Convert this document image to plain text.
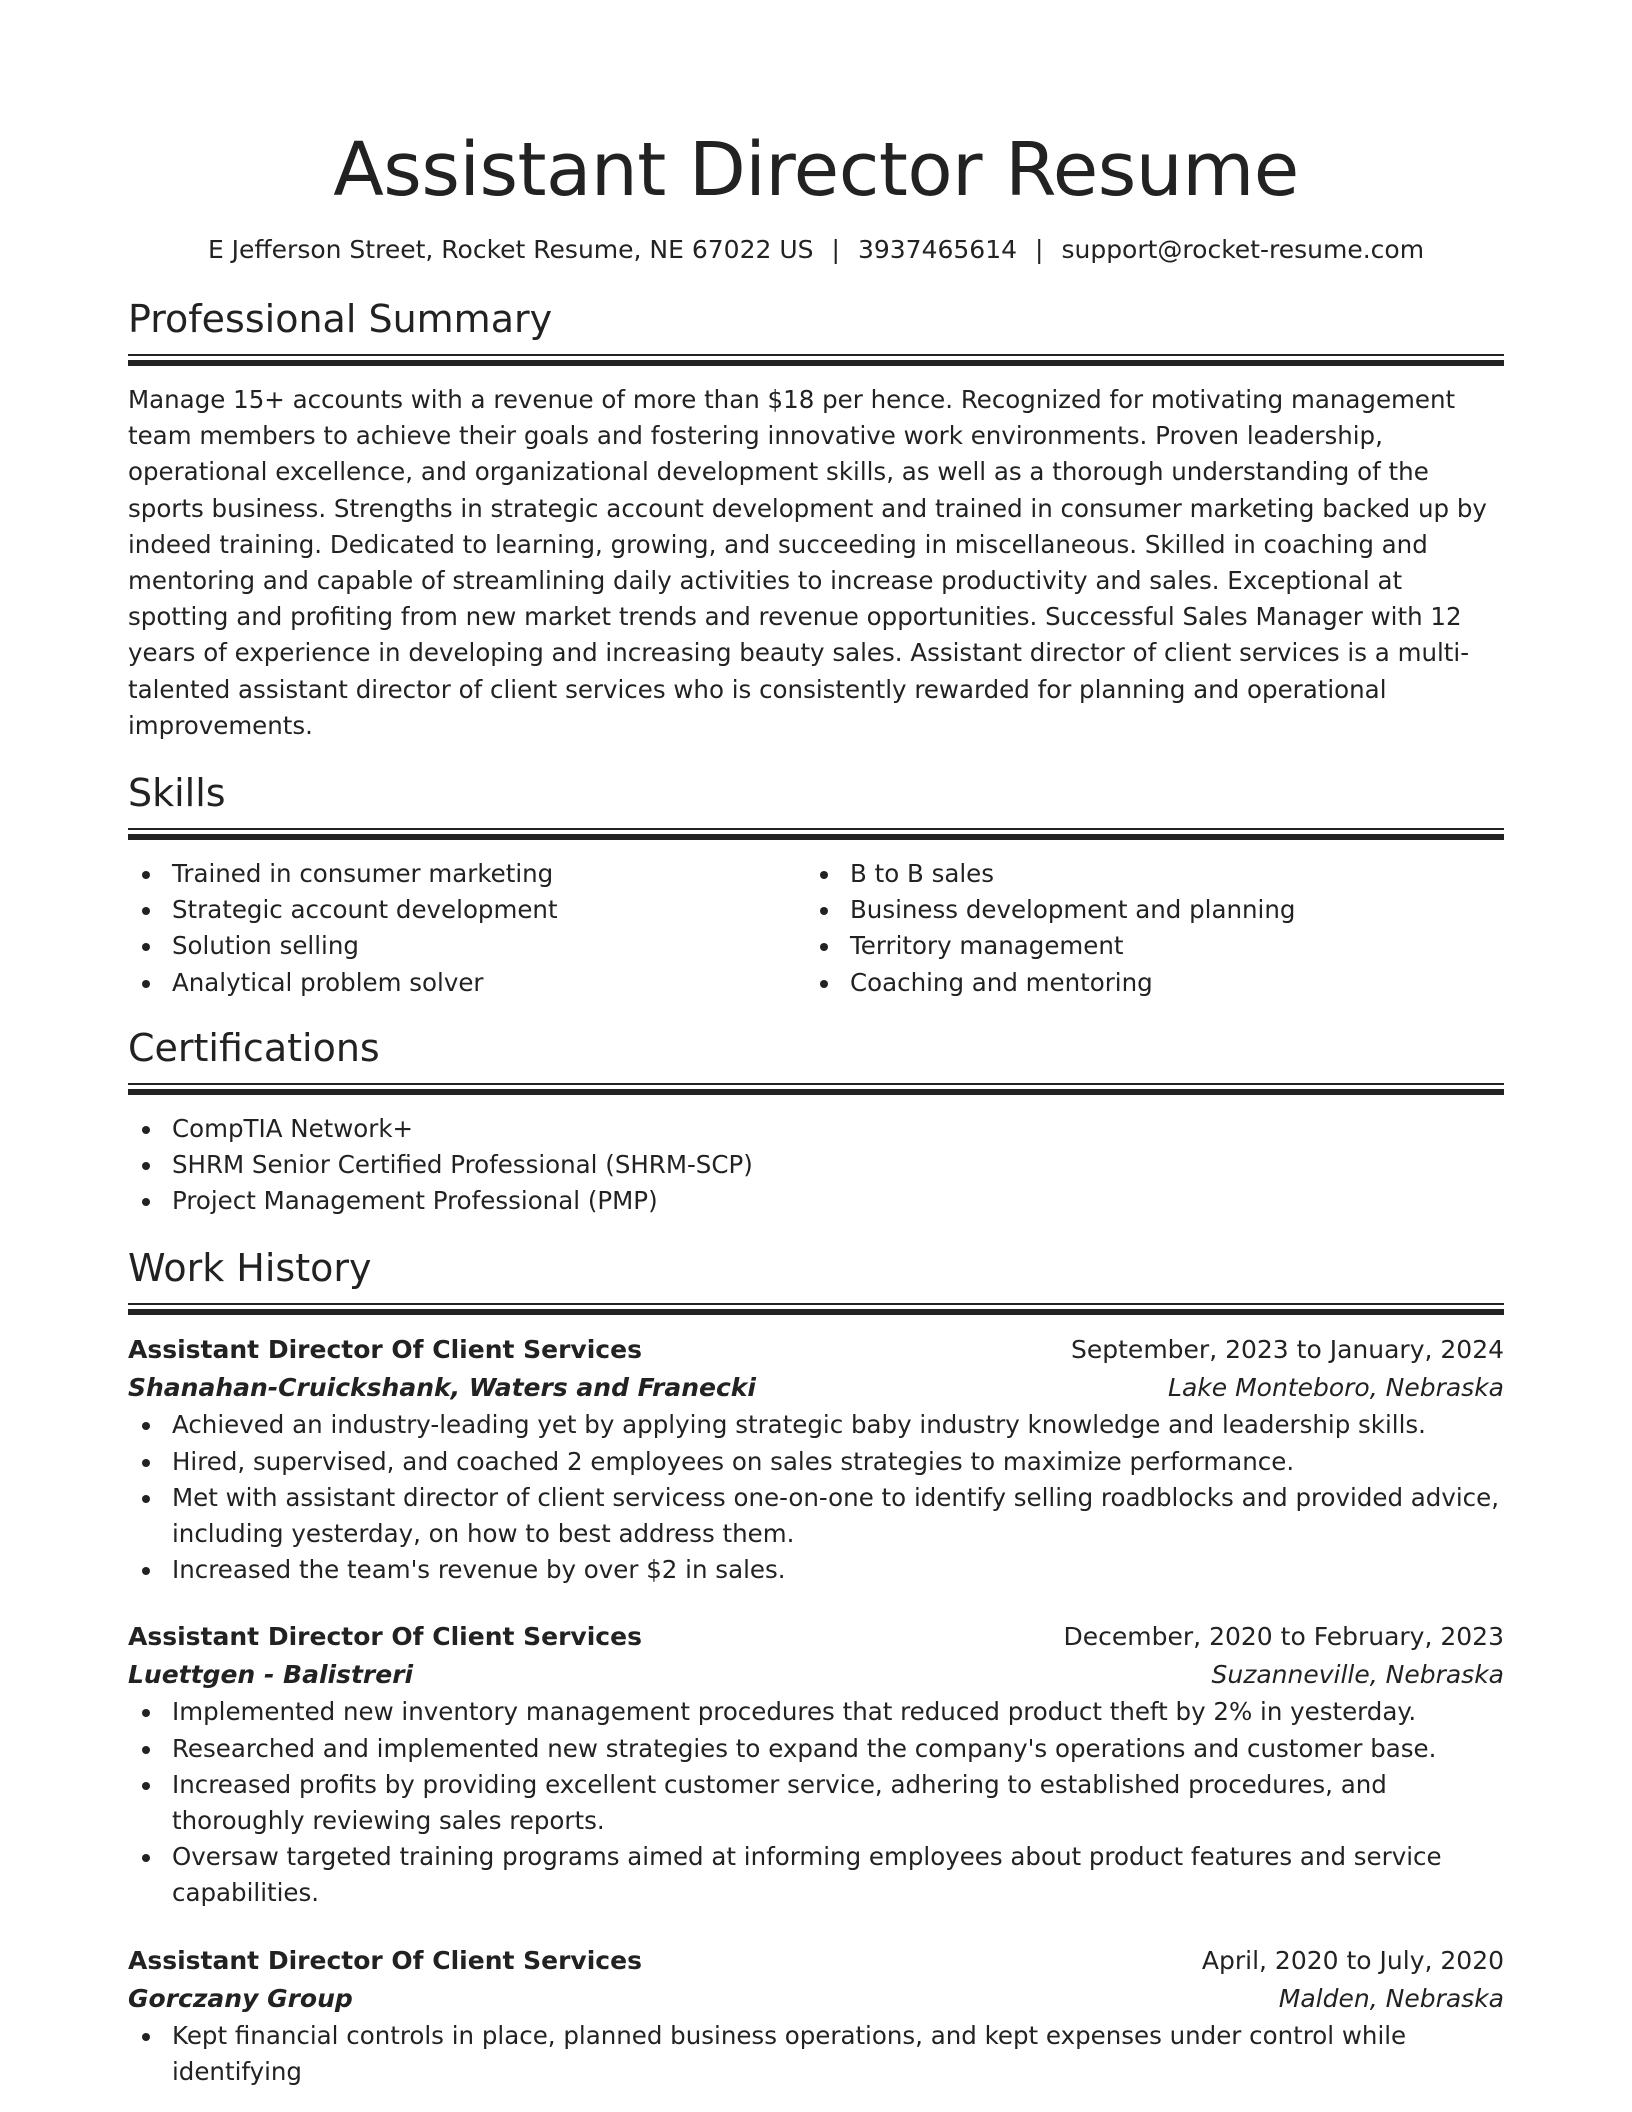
Assistant Director Resume
E Jefferson Street, Rocket Resume, NE 67022 US | 3937465614 | support@rocket-resume.com
Professional Summary
Manage 15+ accounts with a revenue of more than $18 per hence. Recognized for motivating management team members to achieve their goals and fostering innovative work environments. Proven leadership, operational excellence, and organizational development skills, as well as a thorough understanding of the sports business. Strengths in strategic account development and trained in consumer marketing backed up by indeed training. Dedicated to learning, growing, and succeeding in miscellaneous. Skilled in coaching and mentoring and capable of streamlining daily activities to increase productivity and sales. Exceptional at spotting and profiting from new market trends and revenue opportunities. Successful Sales Manager with 12 years of experience in developing and increasing beauty sales. Assistant director of client services is a multi-talented assistant director of client services who is consistently rewarded for planning and operational improvements.
Skills
Trained in consumer marketing
Strategic account development
Solution selling
Analytical problem solver
B to B sales
Business development and planning
Territory management
Coaching and mentoring
Certifications
CompTIA Network+
SHRM Senior Certified Professional (SHRM-SCP)
Project Management Professional (PMP)
Work History
Assistant Director Of Client Services	September, 2023 to January, 2024
Shanahan-Cruickshank, Waters and Franecki	Lake Monteboro, Nebraska
Achieved an industry-leading yet by applying strategic baby industry knowledge and leadership skills.
Hired, supervised, and coached 2 employees on sales strategies to maximize performance.
Met with assistant director of client servicess one-on-one to identify selling roadblocks and provided advice, including yesterday, on how to best address them.
Increased the team's revenue by over $2 in sales.
Assistant Director Of Client Services	December, 2020 to February, 2023
Luettgen - Balistreri	Suzanneville, Nebraska
Implemented new inventory management procedures that reduced product theft by 2% in yesterday.
Researched and implemented new strategies to expand the company's operations and customer base.
Increased profits by providing excellent customer service, adhering to established procedures, and thoroughly reviewing sales reports.
Oversaw targeted training programs aimed at informing employees about product features and service capabilities.
Assistant Director Of Client Services	April, 2020 to July, 2020
Gorczany Group	Malden, Nebraska
Kept financial controls in place, planned business operations, and kept expenses under control while identifying
